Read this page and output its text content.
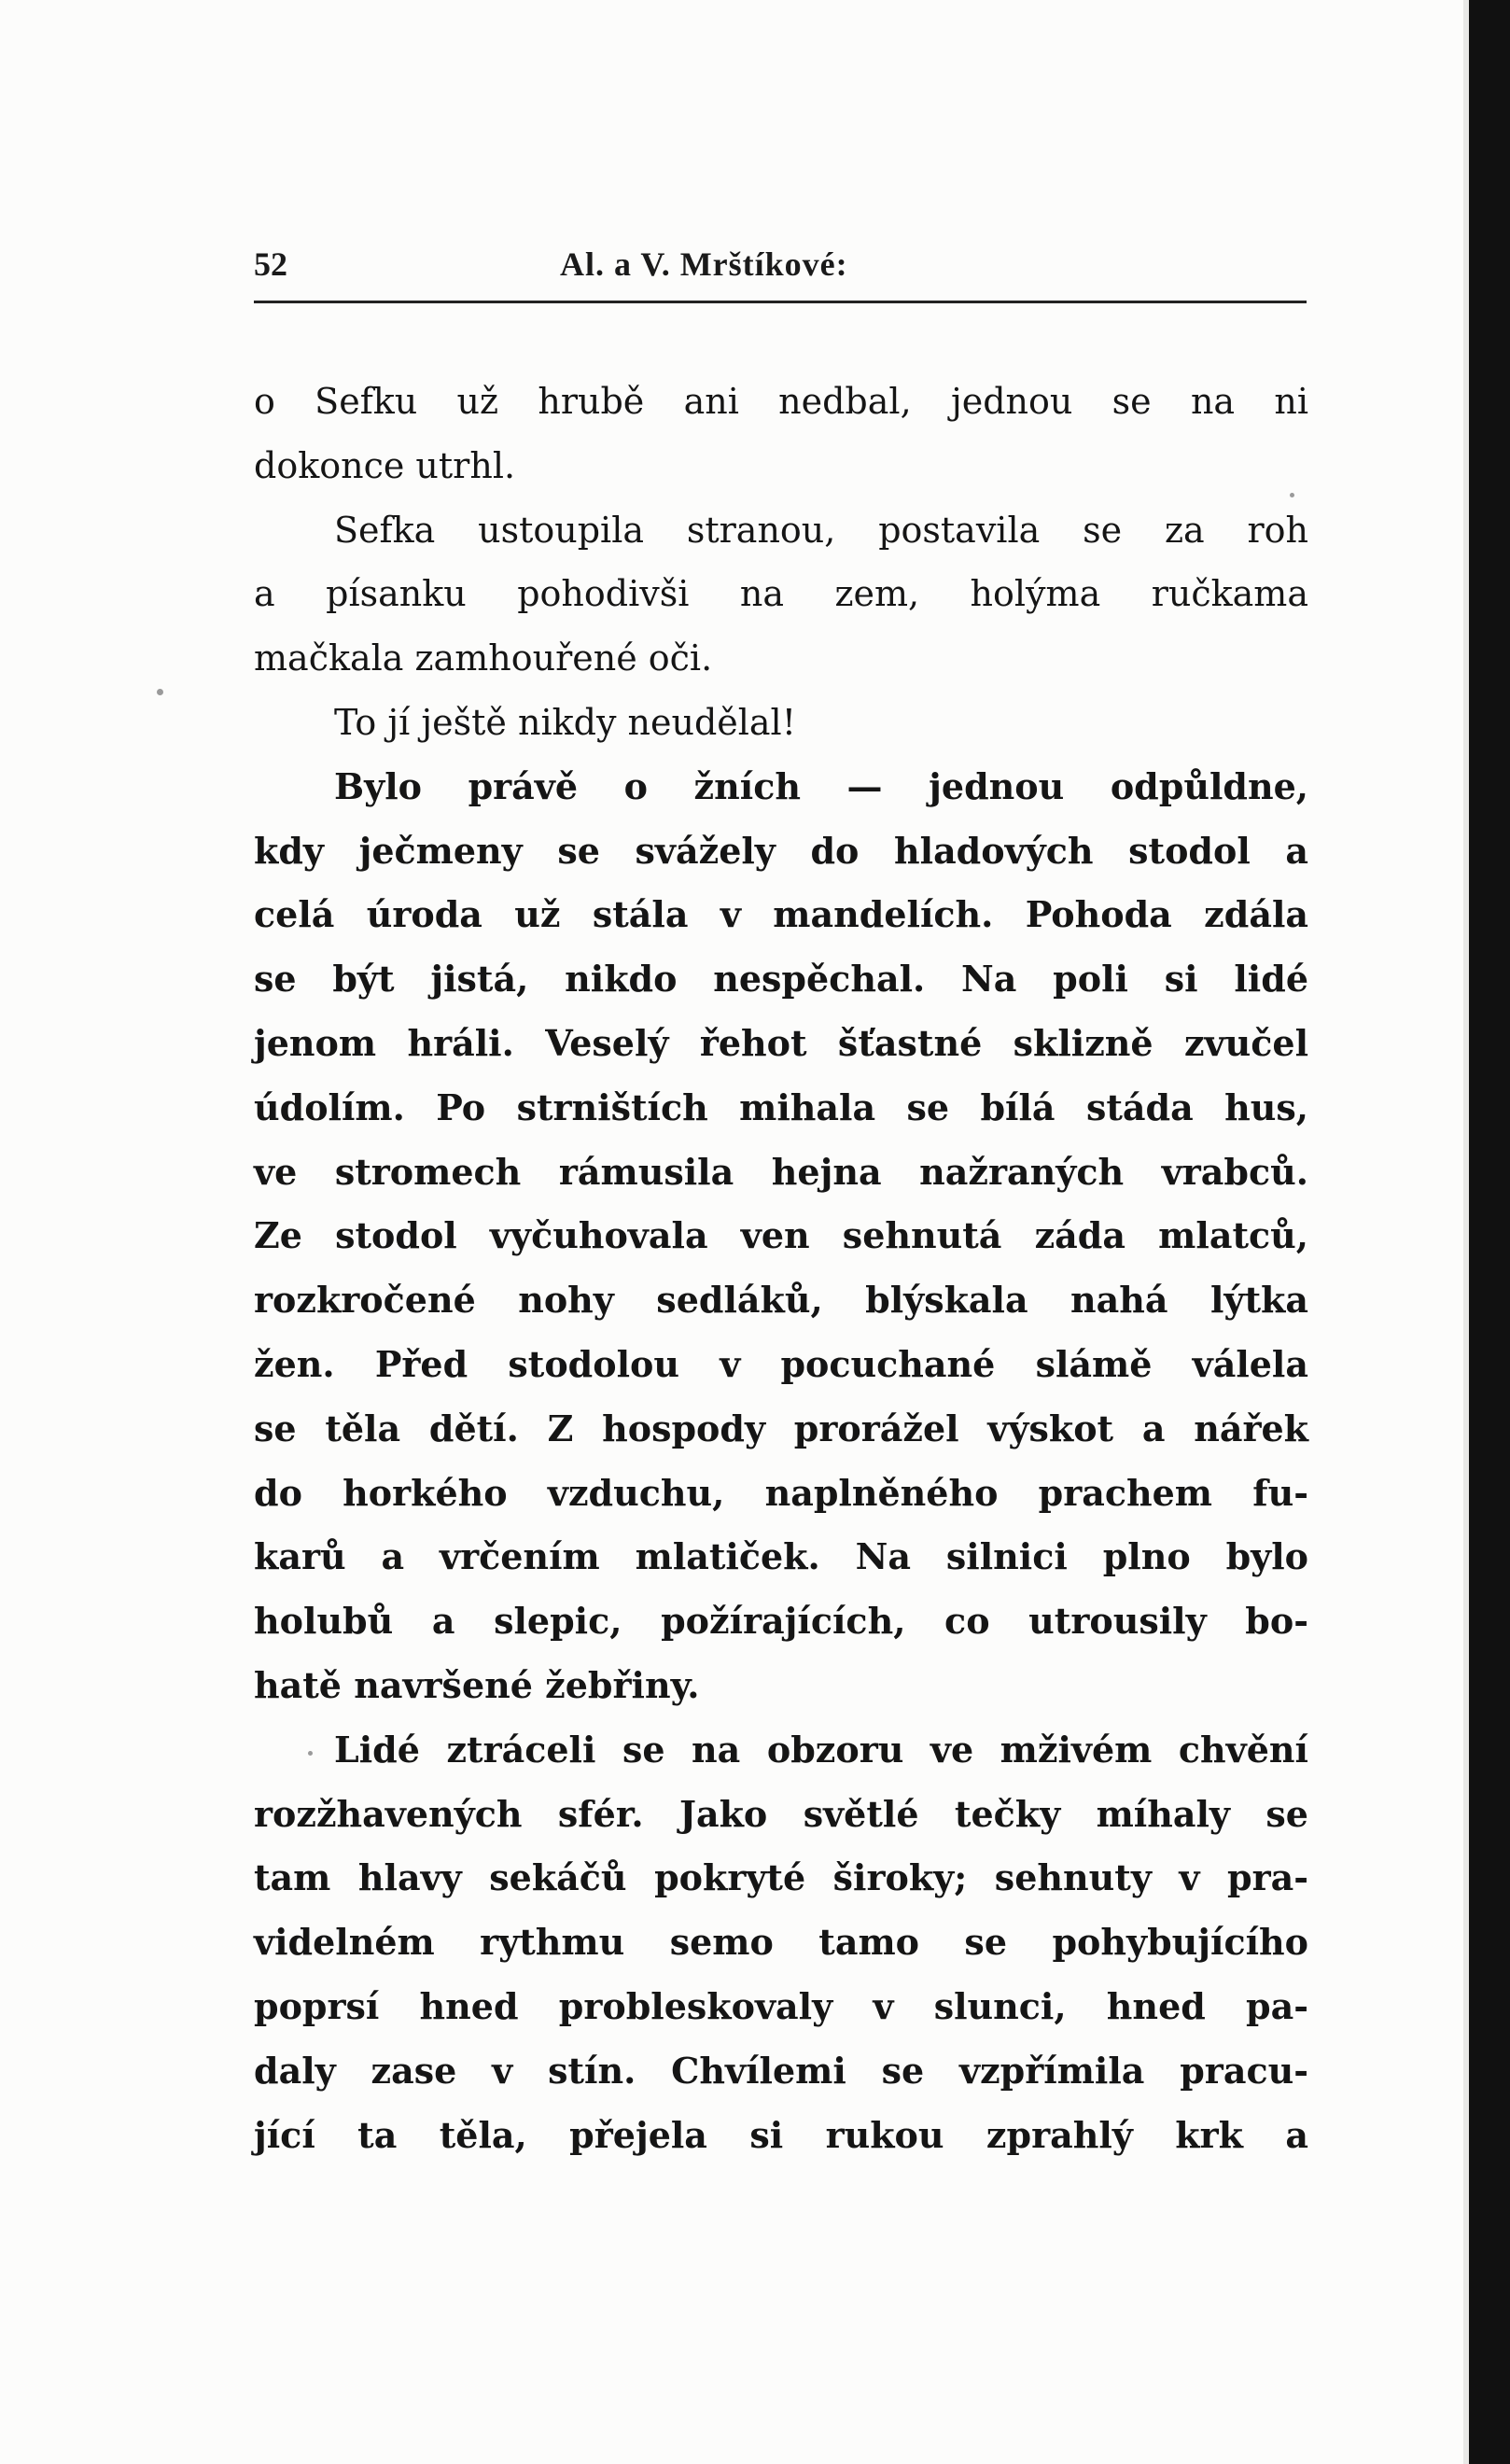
52	Al. a V. Mrštíkové:
o Sefku už hrubě ani nedbal, jednou se na ni
dokonce utrhl.
Sefka ustoupila stranou, postavila se za roh
a písanku pohodivši na zem, holýma ručkama
mačkala zamhouřené oči.
To jí ještě nikdy neudělal!
Bylo právě o žních — jednou odpůldne,
kdy ječmeny se svážely do hladových stodol a
celá úroda už stála v mandelích. Pohoda zdála
se být jistá, nikdo nespěchal. Na poli si lidé
jenom hráli. Veselý řehot šťastné sklizně zvučel
údolím. Po strništích mihala se bílá stáda hus,
ve stromech rámusila hejna nažraných vrabců.
Ze stodol vyčuhovala ven sehnutá záda mlatců,
rozkročené nohy sedláků, blýskala nahá lýtka
žen. Před stodolou v pocuchané slámě válela
se těla dětí. Z hospody prorážel výskot a nářek
do horkého vzduchu, naplněného prachem fu-
karů a vrčením mlatiček. Na silnici plno bylo
holubů a slepic, požírajících, co utrousily bo-
hatě navršené žebřiny.
Lidé ztráceli se na obzoru ve mživém chvění
rozžhavených sfér. Jako světlé tečky míhaly se
tam hlavy sekáčů pokryté široky; sehnuty v pra-
videlném rythmu semo tamo se pohybujícího
poprsí hned probleskovaly v slunci, hned pa-
daly zase v stín. Chvílemi se vzpřímila pracu-
jící ta těla, přejela si rukou zprahlý krk a
